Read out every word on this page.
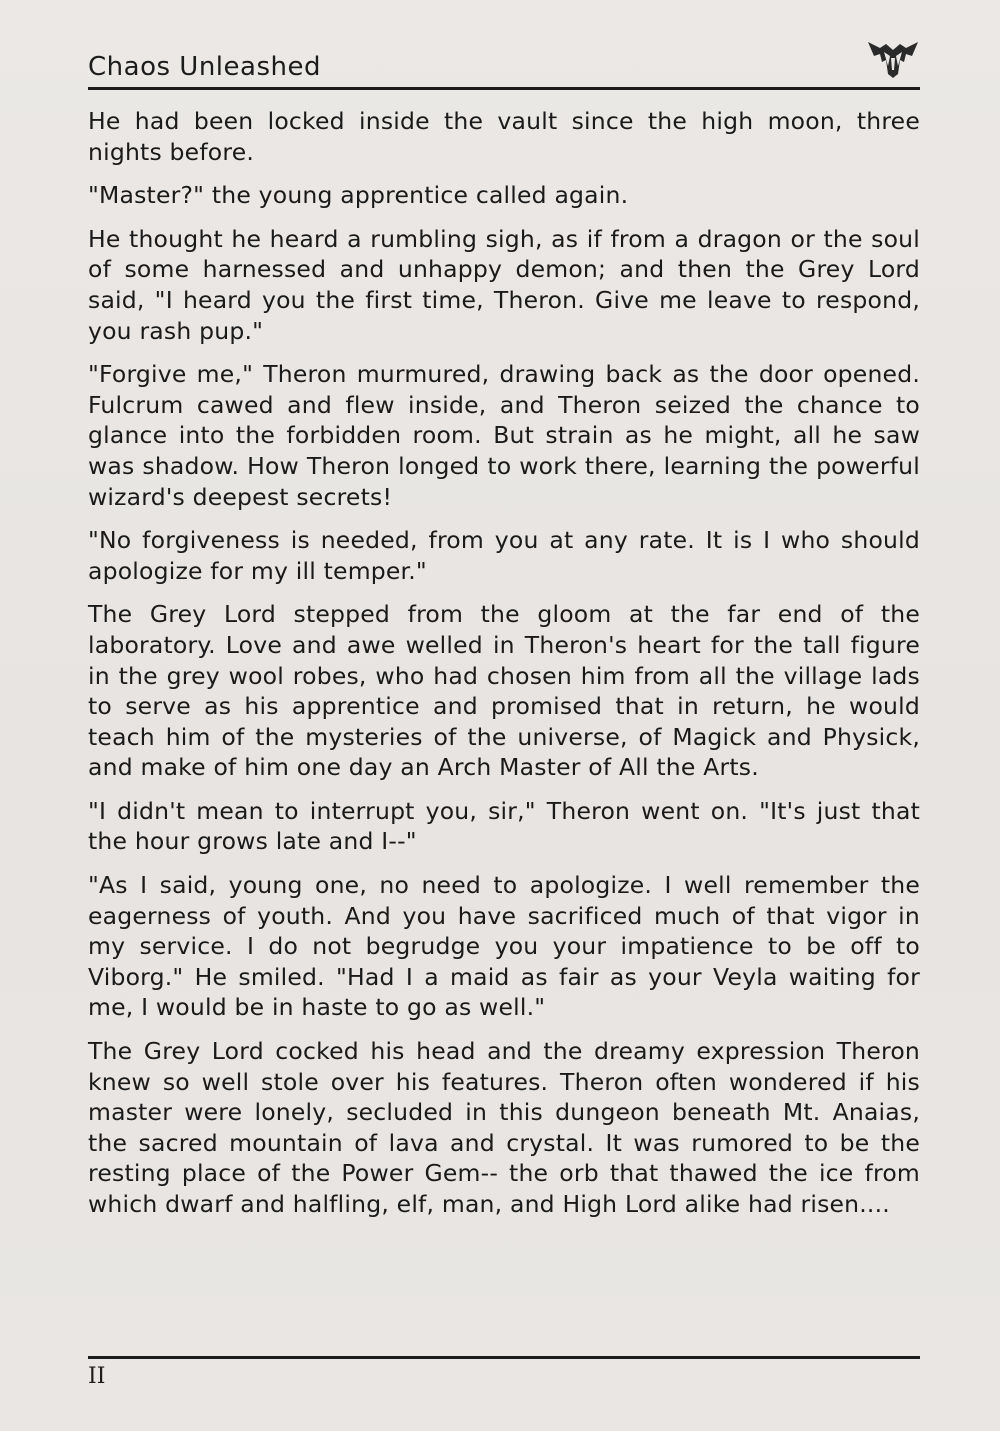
Chaos Unleashed

He had been locked inside the vault since the high moon, three nights before.

"Master?" the young apprentice called again.

He thought he heard a rumbling sigh, as if from a dragon or the soul of some harnessed and unhappy demon; and then the Grey Lord said, "I heard you the first time, Theron. Give me leave to respond, you rash pup."

"Forgive me," Theron murmured, drawing back as the door opened. Fulcrum cawed and flew inside, and Theron seized the chance to glance into the forbidden room. But strain as he might, all he saw was shadow. How Theron longed to work there, learning the powerful wizard's deepest secrets!

"No forgiveness is needed, from you at any rate. It is I who should apologize for my ill temper."

The Grey Lord stepped from the gloom at the far end of the laboratory. Love and awe welled in Theron's heart for the tall figure in the grey wool robes, who had chosen him from all the village lads to serve as his apprentice and promised that in return, he would teach him of the mysteries of the universe, of Magick and Physick, and make of him one day an Arch Master of All the Arts.

"I didn't mean to interrupt you, sir," Theron went on. "It's just that the hour grows late and I--"

"As I said, young one, no need to apologize. I well remember the eagerness of youth. And you have sacrificed much of that vigor in my service. I do not begrudge you your impatience to be off to Viborg." He smiled. "Had I a maid as fair as your Veyla waiting for me, I would be in haste to go as well."

The Grey Lord cocked his head and the dreamy expression Theron knew so well stole over his features. Theron often wondered if his master were lonely, secluded in this dungeon beneath Mt. Anaias, the sacred mountain of lava and crystal. It was rumored to be the resting place of the Power Gem-- the orb that thawed the ice from which dwarf and halfling, elf, man, and High Lord alike had risen....

II
